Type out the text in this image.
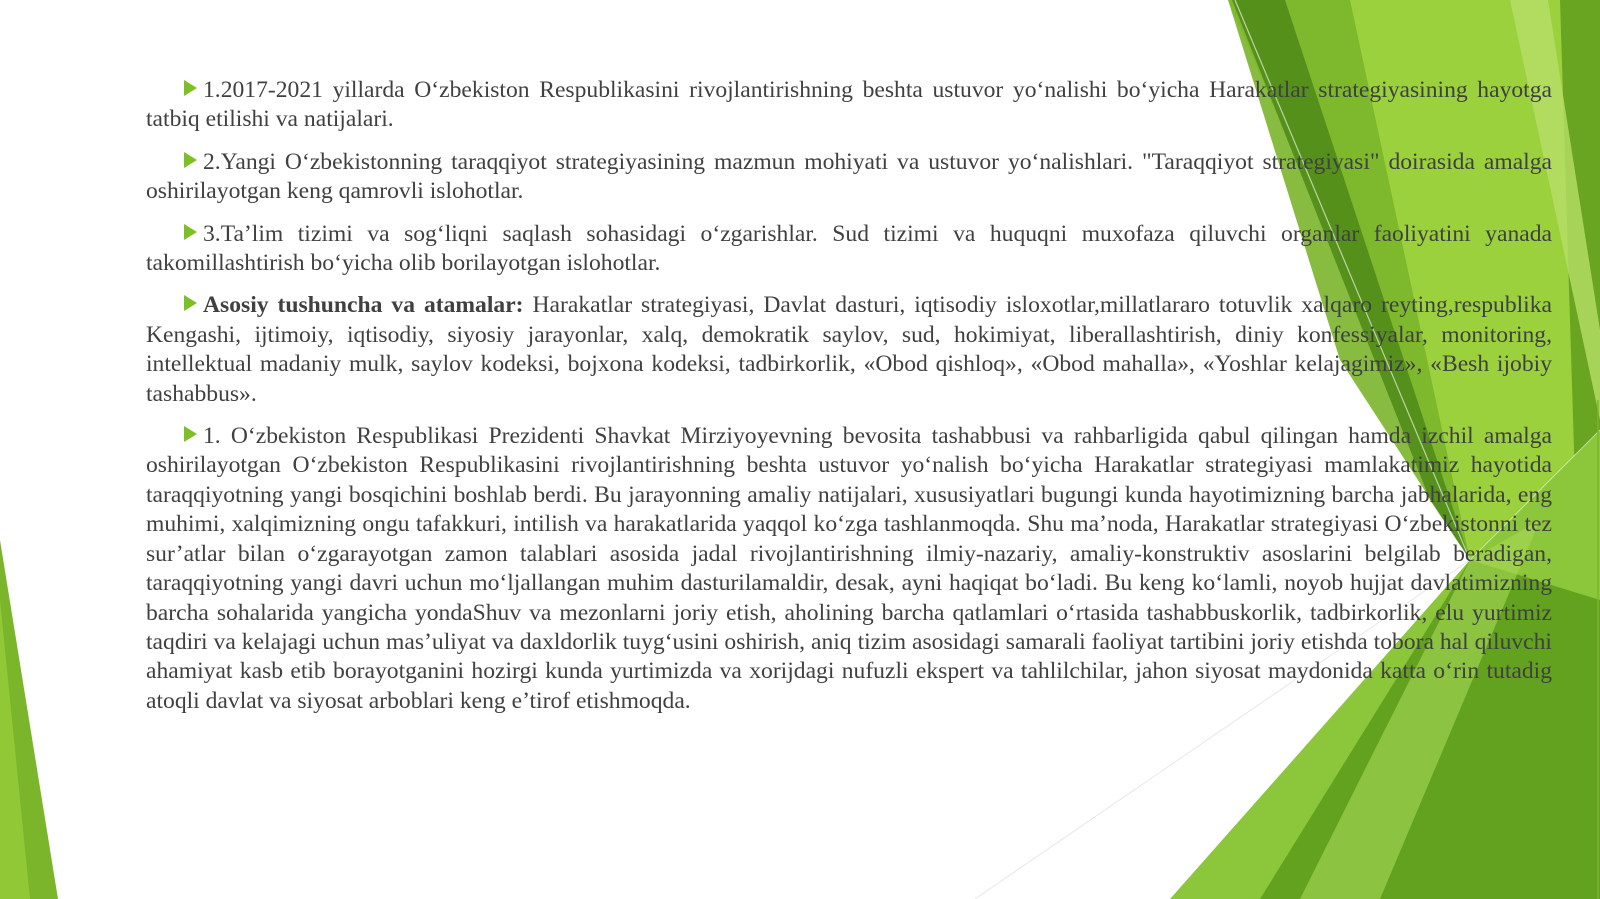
1.2017-2021 yillarda O‘zbekiston Respublikasini rivojlantirishning beshta ustuvor yo‘nalishi bo‘yicha Harakatlar strategiyasining hayotga tatbiq etilishi va natijalari.

2.Yangi O‘zbekistonning taraqqiyot strategiyasining mazmun mohiyati va ustuvor yo‘nalishlari. "Taraqqiyot strategiyasi" doirasida amalga oshirilayotgan keng qamrovli islohotlar.

3.Ta’lim tizimi va sog‘liqni saqlash sohasidagi o‘zgarishlar. Sud tizimi va huquqni muxofaza qiluvchi organlar faoliyatini yanada takomillashtirish bo‘yicha olib borilayotgan islohotlar.

Asosiy tushuncha va atamalar: Harakatlar strategiyasi, Davlat dasturi, iqtisodiy isloxotlar,millatlararo totuvlik xalqaro reyting,respublika Kengashi, ijtimoiy, iqtisodiy, siyosiy jarayonlar, xalq, demokratik saylov, sud, hokimiyat, liberallashtirish, diniy konfessiyalar, monitoring, intellektual madaniy mulk, saylov kodeksi, bojxona kodeksi, tadbirkorlik, «Obod qishloq», «Obod mahalla», «Yoshlar kelajagimiz», «Besh ijobiy tashabbus».

1. O‘zbekiston Respublikasi Prezidenti Shavkat Mirziyoyevning bevosita tashabbusi va rahbarligida qabul qilingan hamda izchil amalga oshirilayotgan O‘zbekiston Respublikasini rivojlantirishning beshta ustuvor yo‘nalish bo‘yicha Harakatlar strategiyasi mamlakatimiz hayotida taraqqiyotning yangi bosqichini boshlab berdi. Bu jarayonning amaliy natijalari, xususiyatlari bugungi kunda hayotimizning barcha jabhalarida, eng muhimi, xalqimizning ongu tafakkuri, intilish va harakatlarida yaqqol ko‘zga tashlanmoqda. Shu ma’noda, Harakatlar strategiyasi O‘zbekistonni tez sur’atlar bilan o‘zgarayotgan zamon talablari asosida jadal rivojlantirishning ilmiy-nazariy, amaliy-konstruktiv asoslarini belgilab beradigan, taraqqiyotning yangi davri uchun mo‘ljallangan muhim dasturilamaldir, desak, ayni haqiqat bo‘ladi. Bu keng ko‘lamli, noyob hujjat davlatimizning barcha sohalarida yangicha yondaShuv va mezonlarni joriy etish, aholining barcha qatlamlari o‘rtasida tashabbuskorlik, tadbirkorlik, elu yurtimiz taqdiri va kelajagi uchun mas’uliyat va daxldorlik tuyg‘usini oshirish, aniq tizim asosidagi samarali faoliyat tartibini joriy etishda tobora hal qiluvchi ahamiyat kasb etib borayotganini hozirgi kunda yurtimizda va xorijdagi nufuzli ekspert va tahlilchilar, jahon siyosat maydonida katta o‘rin tutadig atoqli davlat va siyosat arboblari keng e’tirof etishmoqda.
